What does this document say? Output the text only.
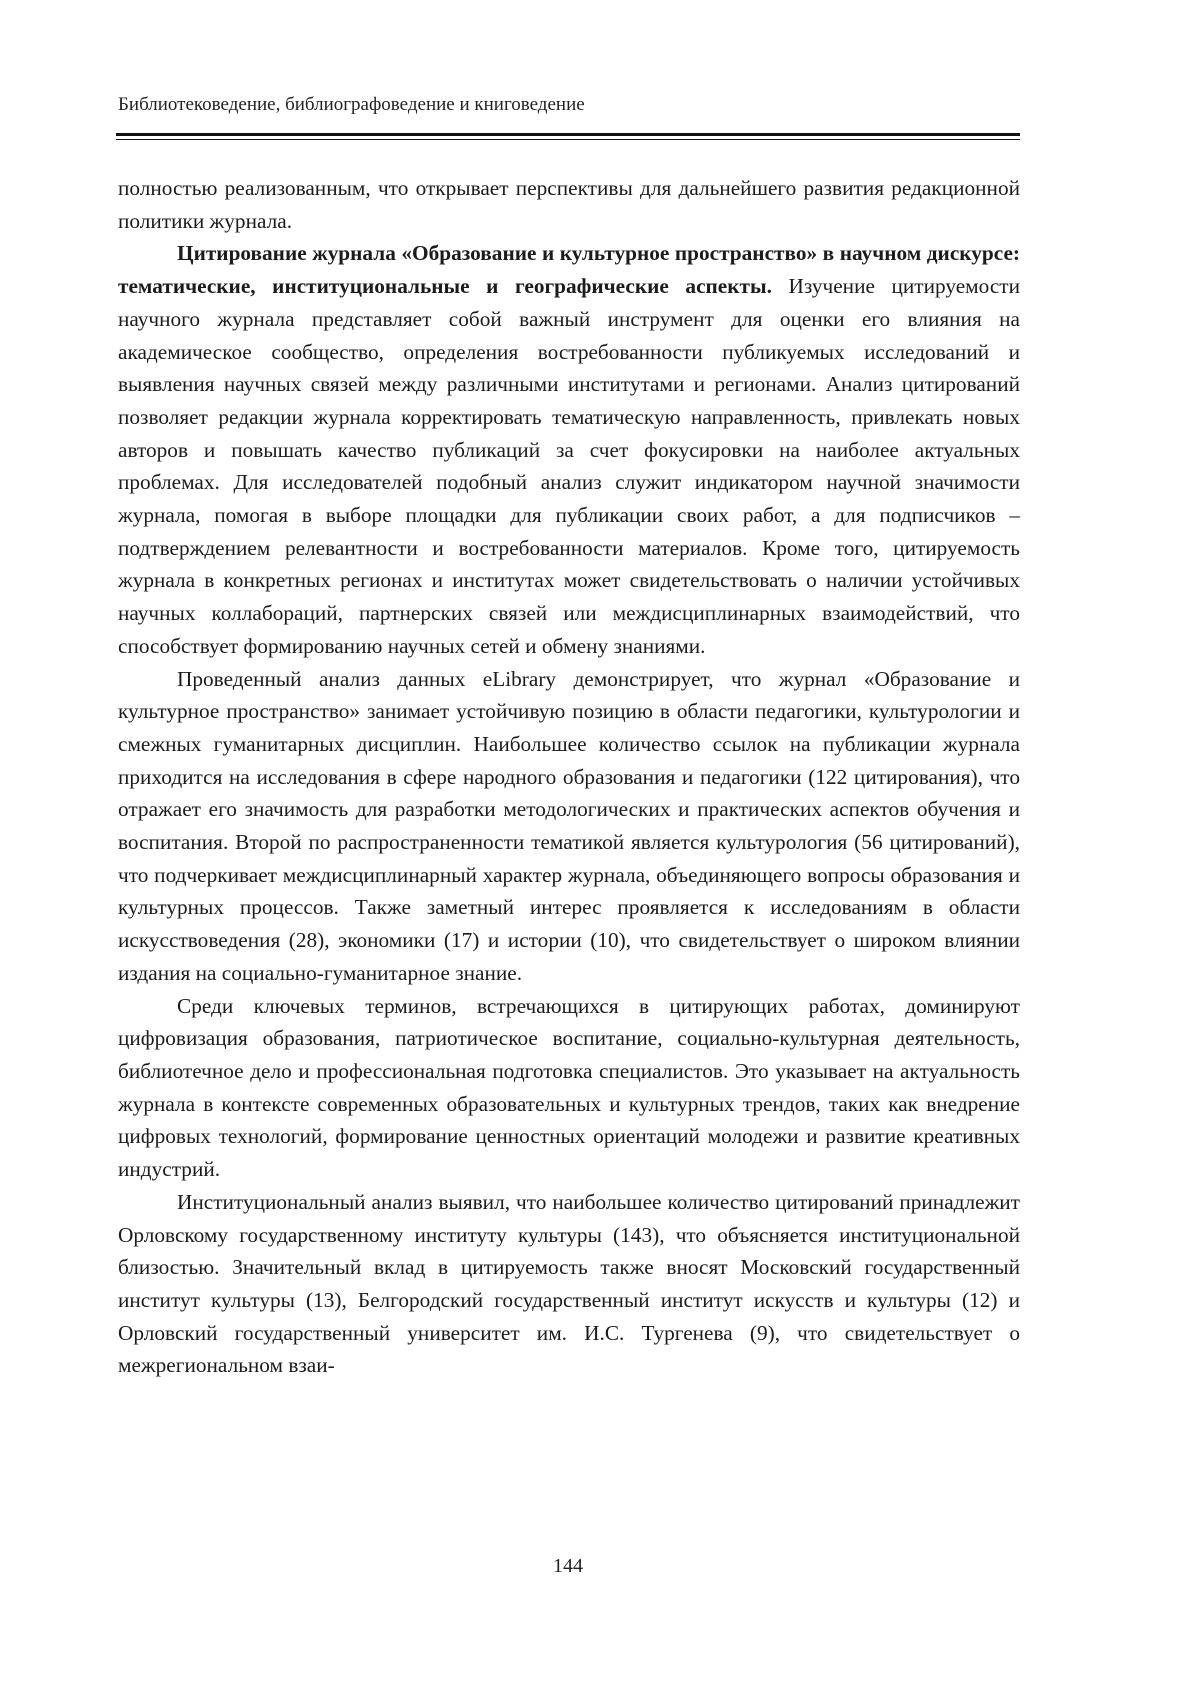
Библиотековедение, библиографоведение и книговедение

полностью реализованным, что открывает перспективы для дальнейшего развития редакционной политики журнала.

Цитирование журнала «Образование и культурное пространство» в научном дискурсе: тематические, институциональные и географические аспекты. Изучение цитируемости научного журнала представляет собой важный инструмент для оценки его влияния на академическое сообщество, определения востребованности публикуемых исследований и выявления научных связей между различными институтами и регионами. Анализ цитирований позволяет редакции журнала корректировать тематическую направленность, привлекать новых авторов и повышать качество публикаций за счет фокусировки на наиболее актуальных проблемах. Для исследователей подобный анализ служит индикатором научной значимости журнала, помогая в выборе площадки для публикации своих работ, а для подписчиков – подтверждением релевантности и востребованности материалов. Кроме того, цитируемость журнала в конкретных регионах и институтах может свидетельствовать о наличии устойчивых научных коллабораций, партнерских связей или междисциплинарных взаимодействий, что способствует формированию научных сетей и обмену знаниями.

Проведенный анализ данных eLibrary демонстрирует, что журнал «Образование и культурное пространство» занимает устойчивую позицию в области педагогики, культурологии и смежных гуманитарных дисциплин. Наибольшее количество ссылок на публикации журнала приходится на исследования в сфере народного образования и педагогики (122 цитирования), что отражает его значимость для разработки методологических и практических аспектов обучения и воспитания. Второй по распространенности тематикой является культурология (56 цитирований), что подчеркивает междисциплинарный характер журнала, объединяющего вопросы образования и культурных процессов. Также заметный интерес проявляется к исследованиям в области искусствоведения (28), экономики (17) и истории (10), что свидетельствует о широком влиянии издания на социально-гуманитарное знание.

Среди ключевых терминов, встречающихся в цитирующих работах, доминируют цифровизация образования, патриотическое воспитание, социально-культурная деятельность, библиотечное дело и профессиональная подготовка специалистов. Это указывает на актуальность журнала в контексте современных образовательных и культурных трендов, таких как внедрение цифровых технологий, формирование ценностных ориентаций молодежи и развитие креативных индустрий.

Институциональный анализ выявил, что наибольшее количество цитирований принадлежит Орловскому государственному институту культуры (143), что объясняется институциональной близостью. Значительный вклад в цитируемость также вносят Московский государственный институт культуры (13), Белгородский государственный институт искусств и культуры (12) и Орловский государственный университет им. И.С. Тургенева (9), что свидетельствует о межрегиональном взаи-

144
